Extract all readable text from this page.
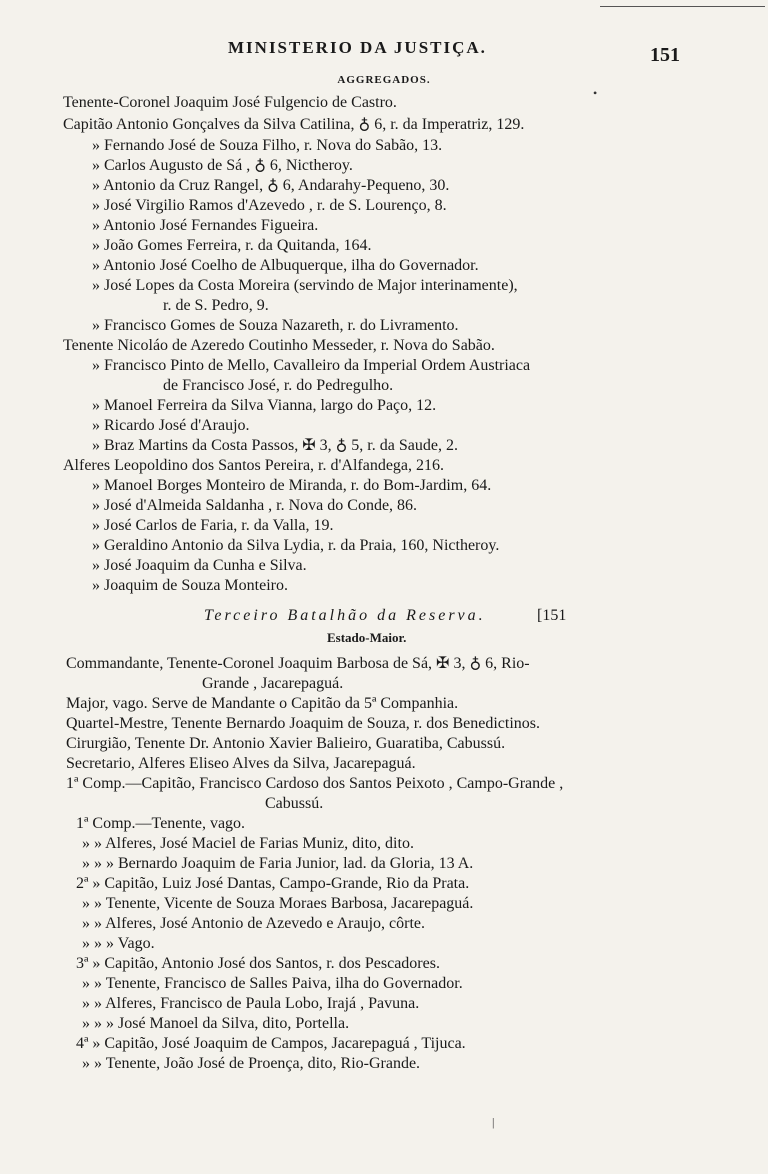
MINISTERIO DA JUSTIÇA.	151
AGGREGADOS.
Tenente-Coronel Joaquim José Fulgencio de Castro.
Capitão Antonio Gonçalves da Silva Catilina, ♁ 6, r. da Imperatriz, 129.
» Fernando José de Souza Filho, r. Nova do Sabão, 13.
» Carlos Augusto de Sá , ♁ 6, Nictheroy.
» Antonio da Cruz Rangel, ♁ 6, Andarahy-Pequeno, 30.
» José Virgilio Ramos d'Azevedo , r. de S. Lourenço, 8.
» Antonio José Fernandes Figueira.
» João Gomes Ferreira, r. da Quitanda, 164.
» Antonio José Coelho de Albuquerque, ilha do Governador.
» José Lopes da Costa Moreira (servindo de Major interinamente),
r. de S. Pedro, 9.
» Francisco Gomes de Souza Nazareth, r. do Livramento.
Tenente Nicoláo de Azeredo Coutinho Messeder, r. Nova do Sabão.
» Francisco Pinto de Mello, Cavalleiro da Imperial Ordem Austriaca
de Francisco José, r. do Pedregulho.
» Manoel Ferreira da Silva Vianna, largo do Paço, 12.
» Ricardo José d'Araujo.
» Braz Martins da Costa Passos, ✠ 3, ♁ 5, r. da Saude, 2.
Alferes Leopoldino dos Santos Pereira, r. d'Alfandega, 216.
» Manoel Borges Monteiro de Miranda, r. do Bom-Jardim, 64.
» José d'Almeida Saldanha , r. Nova do Conde, 86.
» José Carlos de Faria, r. da Valla, 19.
» Geraldino Antonio da Silva Lydia, r. da Praia, 160, Nictheroy.
» José Joaquim da Cunha e Silva.
» Joaquim de Souza Monteiro.
Terceiro Batalhão da Reserva.	[151
Estado-Maior.
Commandante, Tenente-Coronel Joaquim Barbosa de Sá, ✠ 3, ♁ 6, Rio-
Grande , Jacarepaguá.
Major, vago. Serve de Mandante o Capitão da 5ª Companhia.
Quartel-Mestre, Tenente Bernardo Joaquim de Souza, r. dos Benedictinos.
Cirurgião, Tenente Dr. Antonio Xavier Balieiro, Guaratiba, Cabussú.
Secretario, Alferes Eliseo Alves da Silva, Jacarepaguá.
1ª Comp.—Capitão, Francisco Cardoso dos Santos Peixoto , Campo-Grande ,
Cabussú.
1ª Comp.—Tenente, vago.
» » Alferes, José Maciel de Farias Muniz, dito, dito.
» » » Bernardo Joaquim de Faria Junior, lad. da Gloria, 13 A.
2ª » Capitão, Luiz José Dantas, Campo-Grande, Rio da Prata.
» » Tenente, Vicente de Souza Moraes Barbosa, Jacarepaguá.
» » Alferes, José Antonio de Azevedo e Araujo, côrte.
» » » Vago.
3ª » Capitão, Antonio José dos Santos, r. dos Pescadores.
» » Tenente, Francisco de Salles Paiva, ilha do Governador.
» » Alferes, Francisco de Paula Lobo, Irajá , Pavuna.
» » » José Manoel da Silva, dito, Portella.
4ª » Capitão, José Joaquim de Campos, Jacarepaguá , Tijuca.
» » Tenente, João José de Proença, dito, Rio-Grande.
•
|
